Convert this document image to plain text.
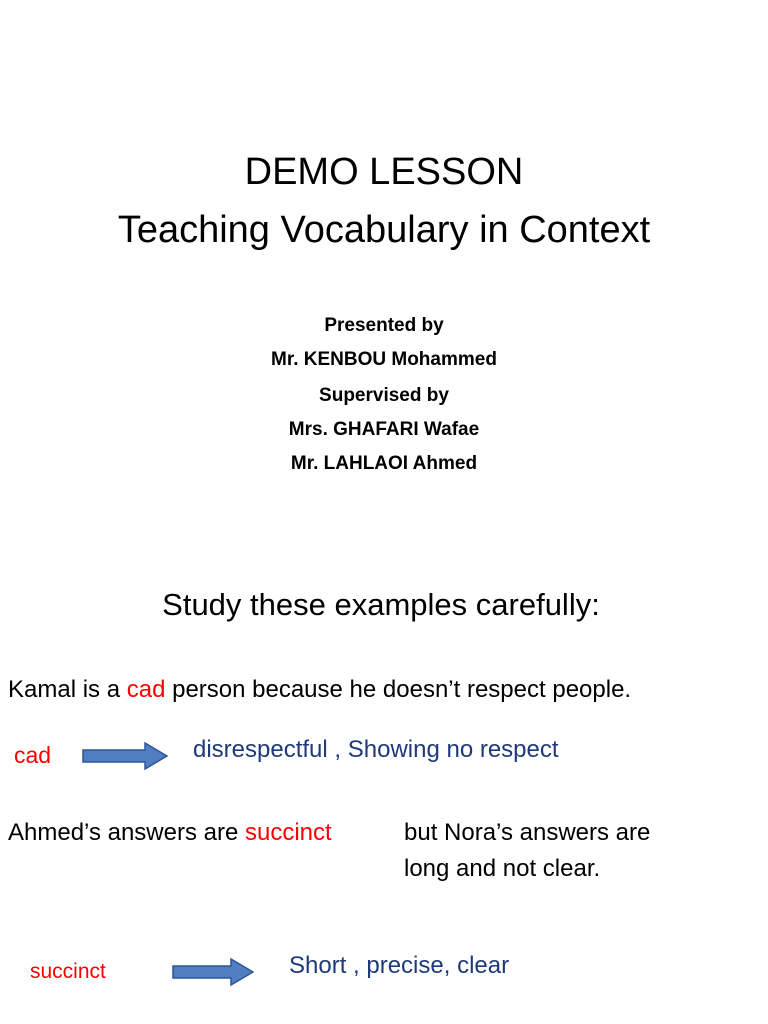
DEMO LESSON
Teaching Vocabulary in Context
Presented by
Mr. KENBOU Mohammed
Supervised by
Mrs. GHAFARI Wafae
Mr. LAHLAOI Ahmed
Study these examples carefully:
Kamal is a cad person because he doesn’t respect people.
cad	disrespectful , Showing no respect
Ahmed’s answers are succinct	but Nora’s answers are
long and not clear.
succinct	Short , precise, clear
